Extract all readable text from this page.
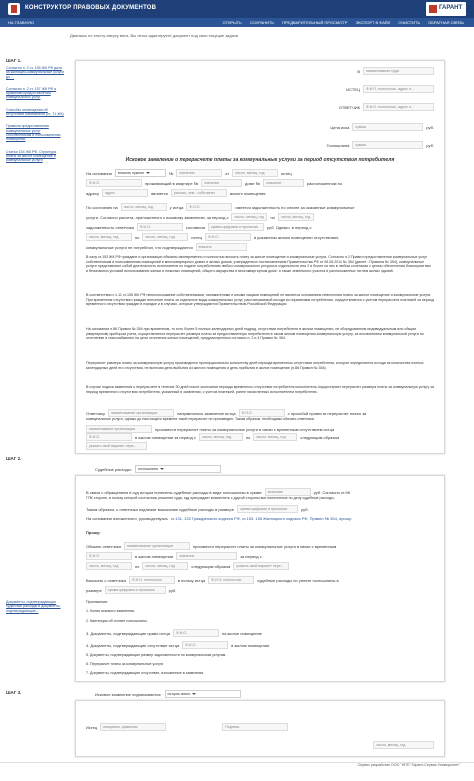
КОНСТРУКТОР ПРАВОВЫХ ДОКУМЕНТОВ	ГАРАНТ
НА ГЛАВНУЮ	ОТКРЫТЬ СОХРАНИТЬ ПРЕДВАРИТЕЛЬНЫЙ ПРОСМОТР ЭКСПОРТ В ФАЙЛ ОЧИСТИТЬ ОБРАТНАЯ СВЯЗЬ
Двигаясь по тексту сверху вниз, Вы легко адаптируете документ под свои текущие задачи
ШАГ 1.
Согласно п. 2 ст. 155 ЖК РФ дата за жилищно-коммунальные услуги до ...
Согласно п. 2 ст. 157 ЖК РФ и правилам предоставления коммунальных услуг
Способы оповещения об отсутствии нанимателя (ст. 71 ЖК)
Правила предоставления коммунальных услуг собственникам и пользователям помещений
Статья 154 ЖК РФ. Структура платы за жилое помещение и коммунальные услуги
ШАГ 2.
Документы, подтверждающие судебные расходы и документы, подтверждающие...
ШАГ 3.
В	наименование суда
ИСТЕЦ	Ф.И.О. полностью, адрес п...
ОТВЕТЧИК	Ф.И.О. полностью, адрес п...
Цена иска	сумма	руб.
Госпошлина	сумма	руб.
Исковое заявление о перерасчете платы за коммунальные услуги за период отсутствия потребителя
На основании	вписать нужное	№	значение	от	число, месяц, год	истец
Ф.И.О.	проживающий в квартире №	значение	доме №	значение	расположенном по
адресу	адрес	является	указать, кем - собственн	жилого помещения
По состоянию на	число, месяц, год	у истца	Ф.И.О.	имеется задолженность по оплате за оказанные коммунальные
услуги. Согласно расчета, приложенного к исковому заявлению, за период с	число, месяц, год	по	число, месяц, год
задолженность ответчика	Ф.И.О.	составила	сумма цифрами и прописью	руб. Однако, в период с
число, месяц, год	по	число, месяц, год	истец	Ф.И.О.	в указанном жилом помещении отсутствовал,
коммунальные услуги не потреблял, что подтверждается	вписать
В силу ст.153 ЖК РФ граждане и организации обязаны своевременно и полностью вносить плату за жилое помещение и коммунальные услуги. Согласно п.2 Правил предоставления коммунальных услуг собственникам и пользователям помещений в многоквартирных домах и жилых домов, утвержденных постановлением Правительства РФ от 06.05.2011 № 354 (далее - Правила № 354), коммунальные услуги представляют собой деятельность исполнителя по подаче потребителям любого коммунального ресурса в отдельности или 2 и более из них в любом сочетании с целью обеспечения благоприятных и безопасных условий использования жилых и нежилых помещений, общего имущества в многоквартирном доме, а также земельного участка и расположенных на нем жилых зданий.
В соответствии с ч.11 ст.155 ЖК РФ неиспользование собственниками, нанимателями и иными лицами помещений не является основанием невнесения платы за жилое помещение и коммунальные услуги. При временном отсутствии граждан внесение платы за отдельные виды коммунальных услуг, рассчитываемой исходя из нормативов потребления, осуществляется с учетом перерасчета платежей за период временного отсутствия граждан в порядке и в случаях, которые утверждаются Правительством Российской Федерации.
На основании п.86 Правил № 354 при временном, то есть более 5 полных календарных дней подряд, отсутствии потребителя в жилом помещении, не оборудованном индивидуальным или общим (квартирным) прибором учета, осуществляется перерасчет размера платы за предоставленную потребителю в таком жилом помещении коммунальную услугу, за исключением коммунальной услуги по отоплению и газоснабжению на цели отопления жилых помещений, предусмотренных согласно п. 2 и 4 Правил № 354.
Перерасчет размера платы за коммунальную услугу производится пропорционально количеству дней периода временного отсутствия потребителя, которое определяется исходя из количества полных календарных дней его отсутствия, не включая день выбытия из жилого помещения и день прибытия в жилое помещение (п.88 Правил № 354).
В случае подачи заявления о перерасчете в течение 30 дней после окончания периода временного отсутствия потребителя исполнитель осуществляет перерасчет размера платы за коммунальную услугу за период временного отсутствия потребителя, указанный в заявлении, с учетом платежей, ранее начисленных исполнителем потребителю.
Ответчику	наименование организации	направлялось заявление истца	Ф.И.О.	с просьбой провести перерасчет платы за
коммунальные услуги, однако до настоящего времени такой перерасчет не произведен. Таким образом, необходимо обязать ответчика
наименование организации	произвести перерасчет платы за коммунальные услуги в связи с временным отсутствием истца
Ф.И.О.	в жилом помещении за период с	число, месяц, год	по	число, месяц, год	следующим образом
указать свой вариант пере...
Судебные расходы:	госпошлина
В связи с обращением в суд истцом понесены судебные расходы в виде госпошлины в сумме	значение	руб. Согласно ст.98
ГПК стороне, в пользу которой состоялось решение суда, суд присуждает возместить с другой стороны все понесенные по делу судебные расходы.
Таким образом, с ответчика подлежат взысканию судебные расходы в размере	сумма цифрами и прописью	руб.
На основании изложенного, руководствуясь ст.131, 132 Гражданского кодекса РФ, ст.153, 155 Жилищного кодекса РФ, Правил № 354, прошу:
Прошу:
Обязать ответчика	наименование организации	произвести перерасчет платы за коммунальные услуги в связи с временным
Ф.И.О.	в жилом помещении	значение	за период с
число, месяц, год	по	число, месяц, год	следующим образом	указать свой вариант пере...
Взыскать с ответчика	Ф.И.О. полностью	в пользу истца	Ф.И.О. полностью	судебные расходы по уплате госпошлины в
размере	сумма цифрами и прописью	руб.
Приложения:
1. Копия искового заявления.
2. Квитанция об оплате госпошлины.
3. Документы, подтверждающие право истца	Ф.И.О.	на жилое помещение
4. Документы, подтверждающие отсутствие истца	Ф.И.О.	в жилом помещении
5. Документы, подтверждающие размер задолженности по коммунальным услугам.
6. Перерасчет платы за коммунальные услуги
7. Документы, подтверждающие отсутствие, изложенные в заявлении.
Исковое заявление подписывается:	истцом лично
Истец	инициалы, фамилия	Подпись
число, месяц, год
Сервис разработан ООО "НПП "Гарант-Сервис-Университет"
